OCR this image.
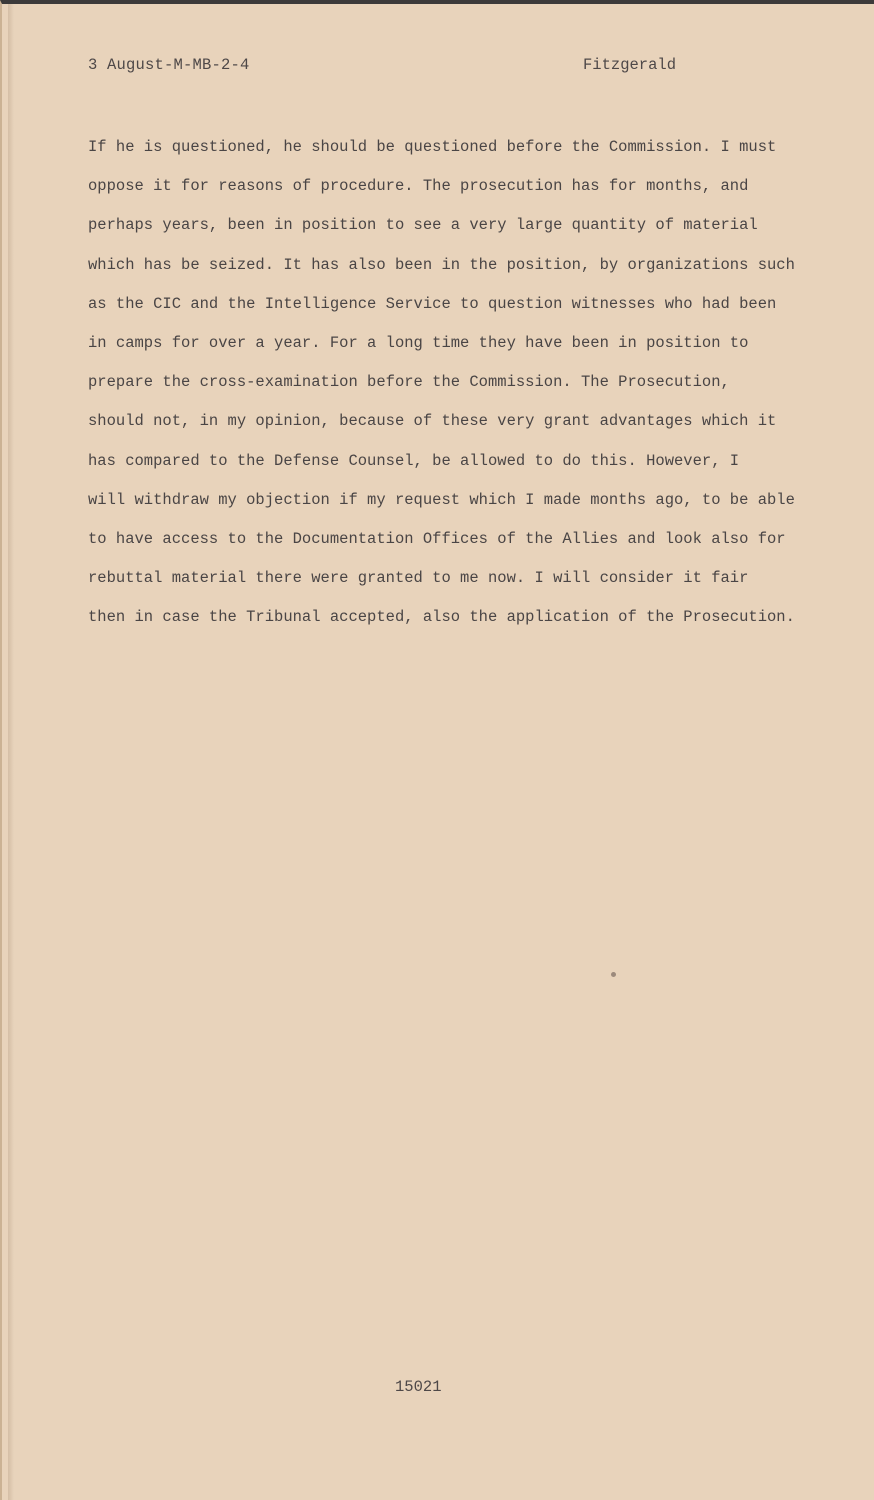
3 August-M-MB-2-4	Fitzgerald
If he is questioned, he should be questioned before the Commission. I must
oppose it for reasons of procedure. The prosecution has for months, and
perhaps years, been in position to see a very large quantity of material
which has be seized. It has also been in the position, by organizations such
as the CIC and the Intelligence Service to question witnesses who had been
in camps for over a year. For a long time they have been in position to
prepare the cross-examination before the Commission. The Prosecution,
should not, in my opinion, because of these very grant advantages which it
has compared to the Defense Counsel, be allowed to do this. However, I
will withdraw my objection if my request which I made months ago, to be able
to have access to the Documentation Offices of the Allies and look also for
rebuttal material there were granted to me now. I will consider it fair
then in case the Tribunal accepted, also the application of the Prosecution.
15021
